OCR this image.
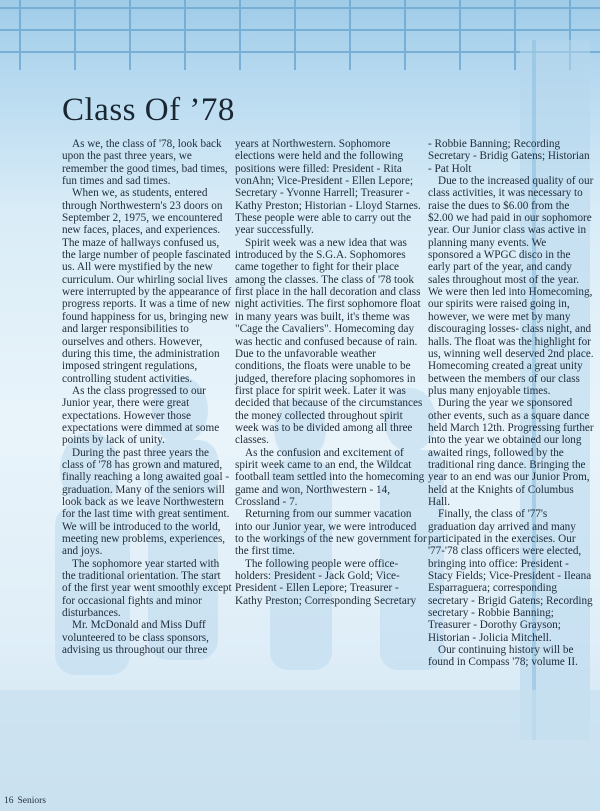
Class Of ’78

As we, the class of '78, look back upon the past three years, we remember the good times, bad times, fun times and sad times.

When we, as students, entered through Northwestern's 23 doors on September 2, 1975, we encountered new faces, places, and experiences. The maze of hallways confused us, the large number of people fascinated us. All were mystified by the new curriculum. Our whirling social lives were interrupted by the appearance of progress reports. It was a time of new found happiness for us, bringing new and larger responsibilities to ourselves and others. However, during this time, the administration imposed stringent regulations, controlling student activities.

As the class progressed to our Junior year, there were great expectations. However those expectations were dimmed at some points by lack of unity.

During the past three years the class of '78 has grown and matured, finally reaching a long awaited goal - graduation. Many of the seniors will look back as we leave Northwestern for the last time with great sentiment. We will be introduced to the world, meeting new problems, experiences, and joys.

The sophomore year started with the traditional orientation. The start of the first year went smoothly except for occasional fights and minor disturbances.

Mr. McDonald and Miss Duff volunteered to be class sponsors, advising us throughout our three

years at Northwestern. Sophomore elections were held and the following positions were filled: President - Rita vonAhn; Vice-President - Ellen Lepore; Secretary - Yvonne Harrell; Treasurer - Kathy Preston; Historian - Lloyd Starnes. These people were able to carry out the year successfully.

Spirit week was a new idea that was introduced by the S.G.A. Sophomores came together to fight for their place among the classes. The class of '78 took first place in the hall decoration and class night activities. The first sophomore float in many years was built, it's theme was "Cage the Cavaliers". Homecoming day was hectic and confused because of rain. Due to the unfavorable weather conditions, the floats were unable to be judged, therefore placing sophomores in first place for spirit week. Later it was decided that because of the circumstances the money collected throughout spirit week was to be divided among all three classes.

As the confusion and excitement of spirit week came to an end, the Wildcat football team settled into the homecoming game and won, Northwestern - 14, Crossland - 7.

Returning from our summer vacation into our Junior year, we were introduced to the workings of the new government for the first time.

The following people were office-holders: President - Jack Gold; Vice-President - Ellen Lepore; Treasurer - Kathy Preston; Corresponding Secretary

- Robbie Banning; Recording Secretary - Bridig Gatens; Historian - Pat Holt

Due to the increased quality of our class activities, it was necessary to raise the dues to $6.00 from the $2.00 we had paid in our sophomore year. Our Junior class was active in planning many events. We sponsored a WPGC disco in the early part of the year, and candy sales throughout most of the year. We were then led into Homecoming, our spirits were raised going in, however, we were met by many discouraging losses- class night, and halls. The float was the highlight for us, winning well deserved 2nd place. Homecoming created a great unity between the members of our class plus many enjoyable times.

During the year we sponsored other events, such as a square dance held March 12th. Progressing further into the year we obtained our long awaited rings, followed by the traditional ring dance. Bringing the year to an end was our Junior Prom, held at the Knights of Columbus Hall.

Finally, the class of '77's graduation day arrived and many participated in the exercises. Our '77-'78 class officers were elected, bringing into office: President - Stacy Fields; Vice-President - Ileana Esparraguera; corresponding secretary - Brigid Gatens; Recording secretary - Robbie Banning; Treasurer - Dorothy Grayson; Historian - Jolicia Mitchell.

Our continuing history will be found in Compass '78; volume II.

16 Seniors
